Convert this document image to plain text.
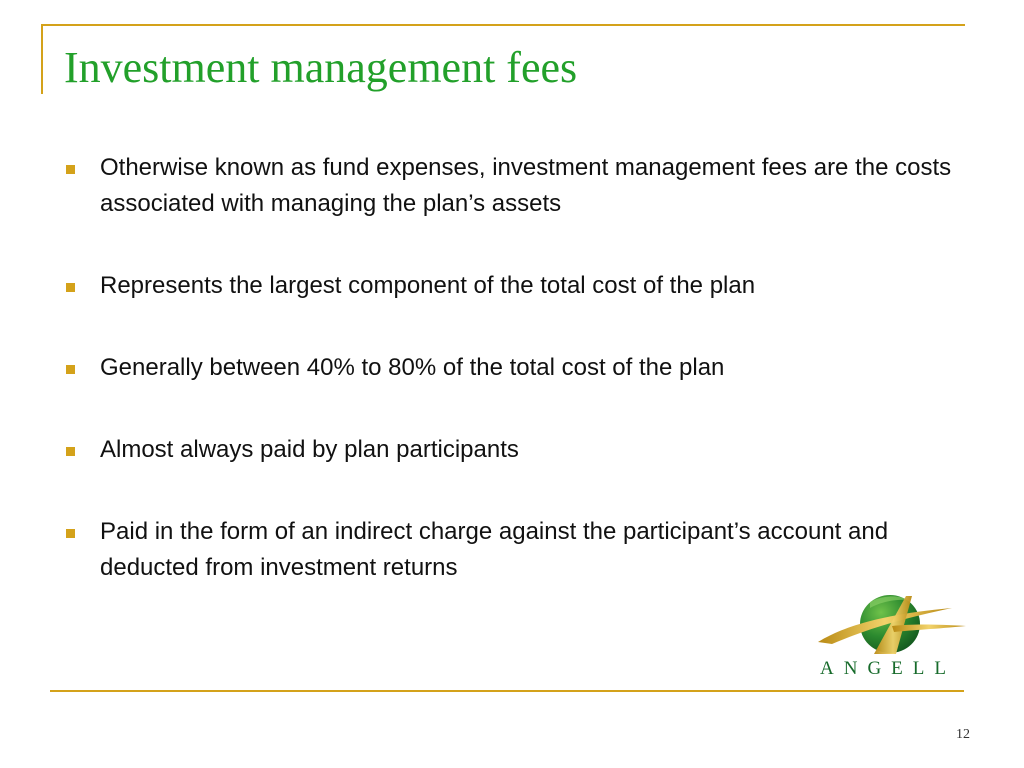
Investment management fees
Otherwise known as fund expenses, investment management fees are the costs associated with managing the plan’s assets
Represents the largest component of the total cost of the plan
Generally between 40% to 80% of the total cost of the plan
Almost always paid by plan participants
Paid in the form of an indirect charge against the participant’s account and deducted from investment returns
ANGELL
12
